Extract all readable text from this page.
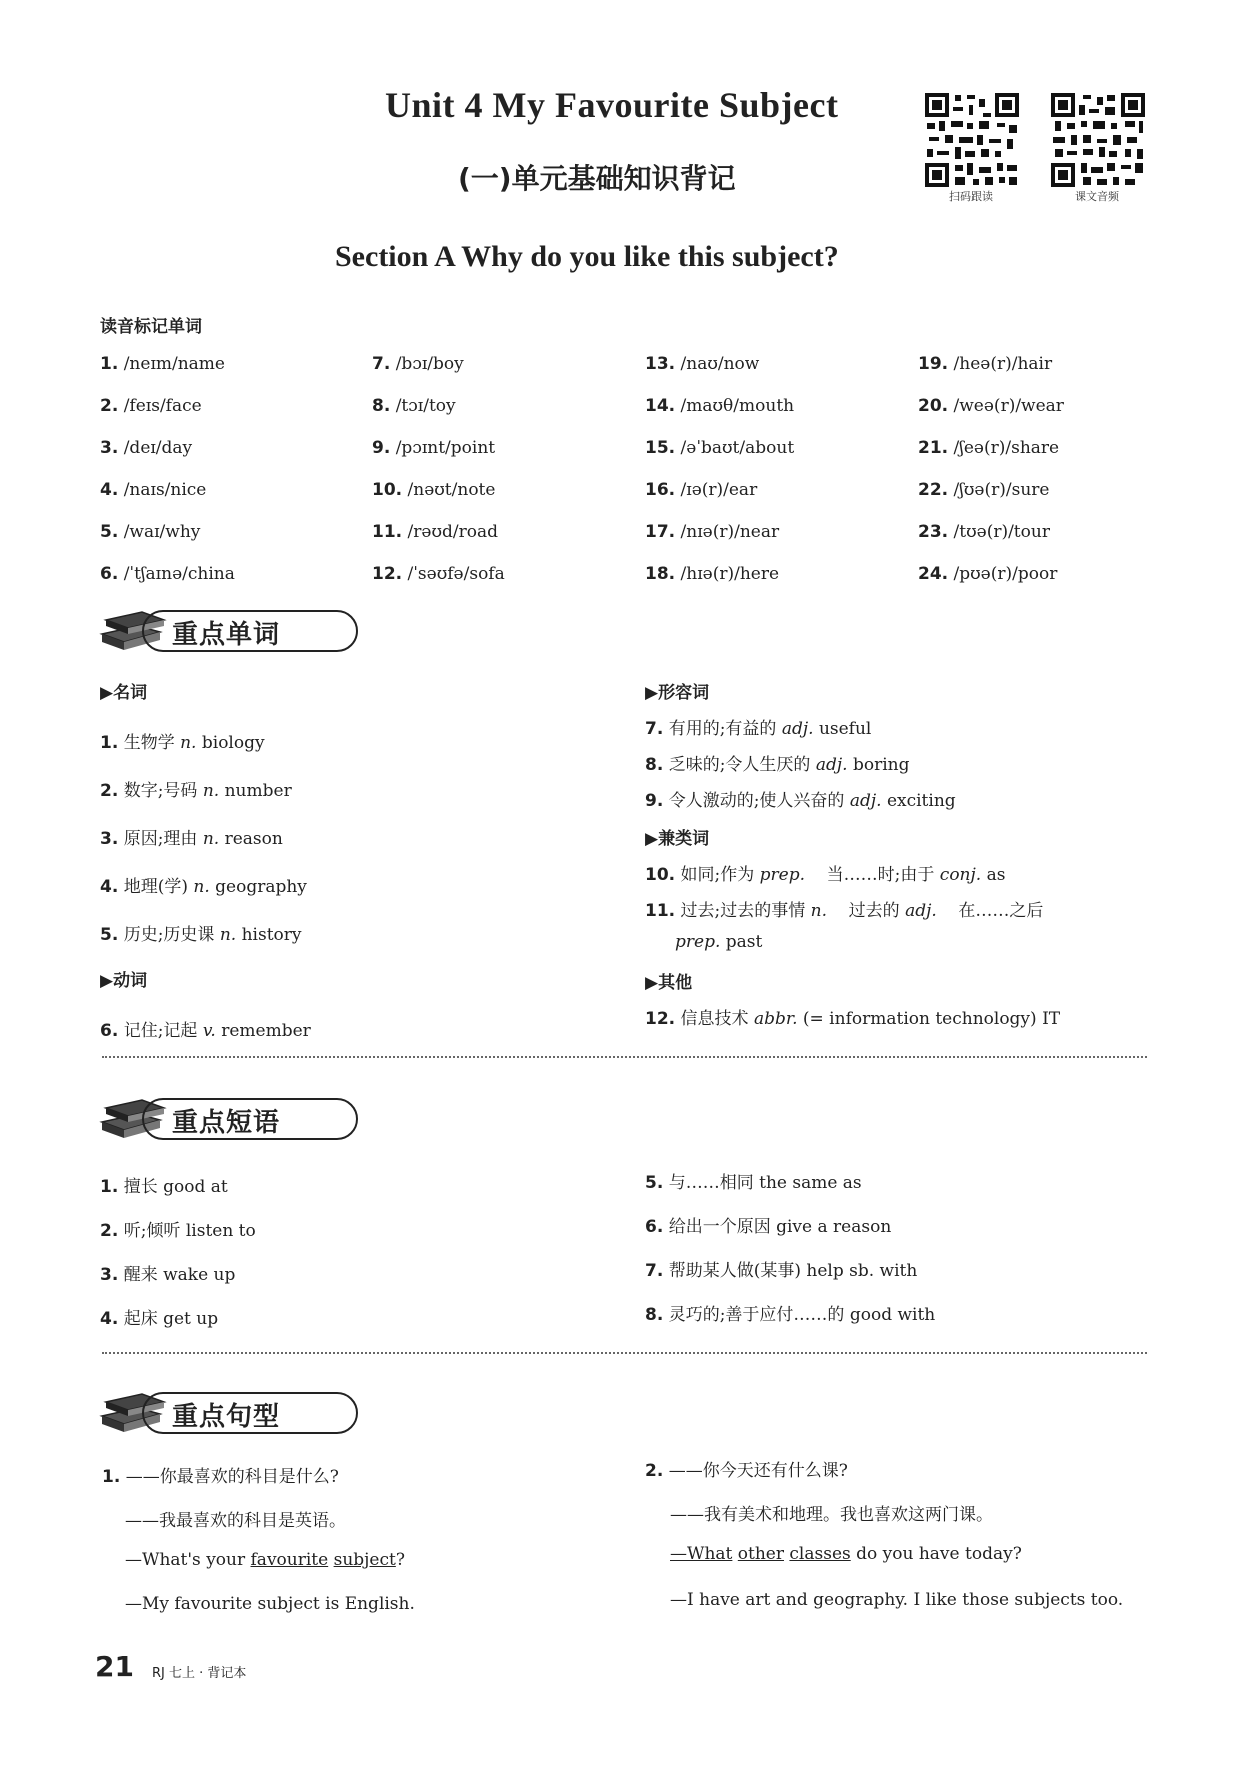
Unit 4 My Favourite Subject
(一)单元基础知识背记
扫码跟读	课文音频
Section A Why do you like this subject?
读音标记单词
1. /neɪm/name
2. /feɪs/face
3. /deɪ/day
4. /naɪs/nice
5. /waɪ/why
6. /ˈtʃaɪnə/china
7. /bɔɪ/boy
8. /tɔɪ/toy
9. /pɔɪnt/point
10. /nəʊt/note
11. /rəʊd/road
12. /ˈsəʊfə/sofa
13. /naʊ/now
14. /maʊθ/mouth
15. /əˈbaʊt/about
16. /ɪə(r)/ear
17. /nɪə(r)/near
18. /hɪə(r)/here
19. /heə(r)/hair
20. /weə(r)/wear
21. /ʃeə(r)/share
22. /ʃʊə(r)/sure
23. /tʊə(r)/tour
24. /pʊə(r)/poor
重点单词
▶名词
1. 生物学 n. biology
2. 数字;号码 n. number
3. 原因;理由 n. reason
4. 地理(学) n. geography
5. 历史;历史课 n. history
▶动词
6. 记住;记起 v. remember
▶形容词
7. 有用的;有益的 adj. useful
8. 乏味的;令人生厌的 adj. boring
9. 令人激动的;使人兴奋的 adj. exciting
▶兼类词
10. 如同;作为 prep. 当……时;由于 conj. as
11. 过去;过去的事情 n. 过去的 adj. 在……之后
prep. past
▶其他
12. 信息技术 abbr. (= information technology) IT
重点短语
1. 擅长 good at
2. 听;倾听 listen to
3. 醒来 wake up
4. 起床 get up
5. 与……相同 the same as
6. 给出一个原因 give a reason
7. 帮助某人做(某事) help sb. with
8. 灵巧的;善于应付……的 good with
重点句型
1. ——你最喜欢的科目是什么?
——我最喜欢的科目是英语。
—What's your favourite subject?
—My favourite subject is English.
2. ——你今天还有什么课?
——我有美术和地理。我也喜欢这两门课。
—What other classes do you have today?
—I have art and geography. I like those subjects too.
21 RJ 七上 · 背记本
